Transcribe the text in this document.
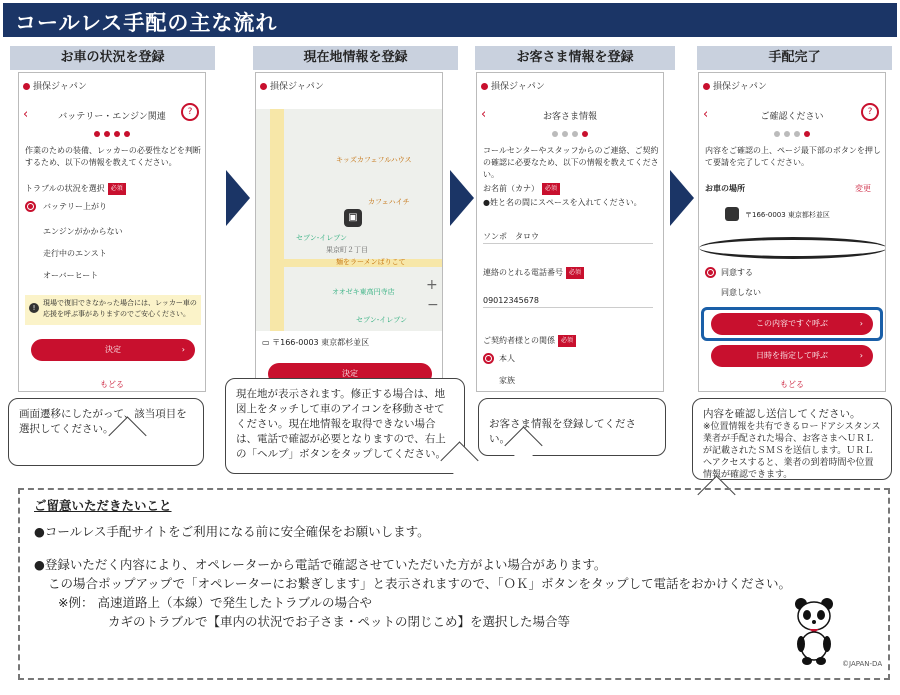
コールレス手配の主な流れ
お車の状況を登録	現在地情報を登録	お客さま情報を登録	手配完了
損保ジャパン
‹	バッテリー・エンジン関連	?
作業のための装備、レッカーの必要性などを判断するため、以下の情報を教えてください。
トラブルの状況を選択 必須
バッテリー上がり
エンジンがかからない
走行中のエンスト
オーバーヒート
!
現場で復旧できなかった場合には、レッカー車の応援を呼ぶ事がありますのでご安心ください。
決定	›
もどる
損保ジャパン
キッズカフェフルハウス
カフェハイチ
セブン-イレブン
果京町２丁目
麺をラーメンばりこて
オオゼキ東高円寺店
セブン-イレブン
▣
+
−
▭ 〒166-0003 東京都杉並区
決定
損保ジャパン
‹	お客さま情報
コールセンターやスタッフからのご連絡、ご契約の確認に必要なため、以下の情報を教えてください。
お名前（カナ） 必須
●姓と名の間にスペースを入れてください。
ソンポ　タロウ
連絡のとれる電話番号 必須
09012345678
ご契約者様との関係 必須
本人
家族
損保ジャパン
‹	ご確認ください	?
内容をご確認の上、ページ最下部のボタンを押して要請を完了してください。
お車の場所	変更
〒166-0003 東京都杉並区
同意する
同意しない
この内容ですぐ呼ぶ	›
日時を指定して呼ぶ	›
もどる
画面遷移にしたがって、該当項目を選択してください。
現在地が表示されます。修正する場合は、地図上をタッチして車のアイコンを移動させてください。現在地情報を取得できない場合は、電話で確認が必要となりますので、右上の「ヘルプ」ボタンをタップしてください。
お客さま情報を登録してください。
内容を確認し送信してください。
※位置情報を共有できるロードアシスタンス業者が手配された場合、お客さまへＵＲＬが記載されたＳＭＳを送信します。ＵＲＬへアクセスすると、業者の到着時間や位置情報が確認できます。
ご留意いただきたいこと
●コールレス手配サイトをご利用になる前に安全確保をお願いします。
●登録いただく内容により、オペレーターから電話で確認させていただいた方がよい場合があります。
この場合ポップアップで「オペレーターにお繋ぎします」と表示されますので、「ＯＫ」ボタンをタップして電話をおかけください。
※例： 高速道路上（本線）で発生したトラブルの場合や
カギのトラブルで【車内の状況でお子さま・ペットの閉じこめ】を選択した場合等
©JAPAN-DA
